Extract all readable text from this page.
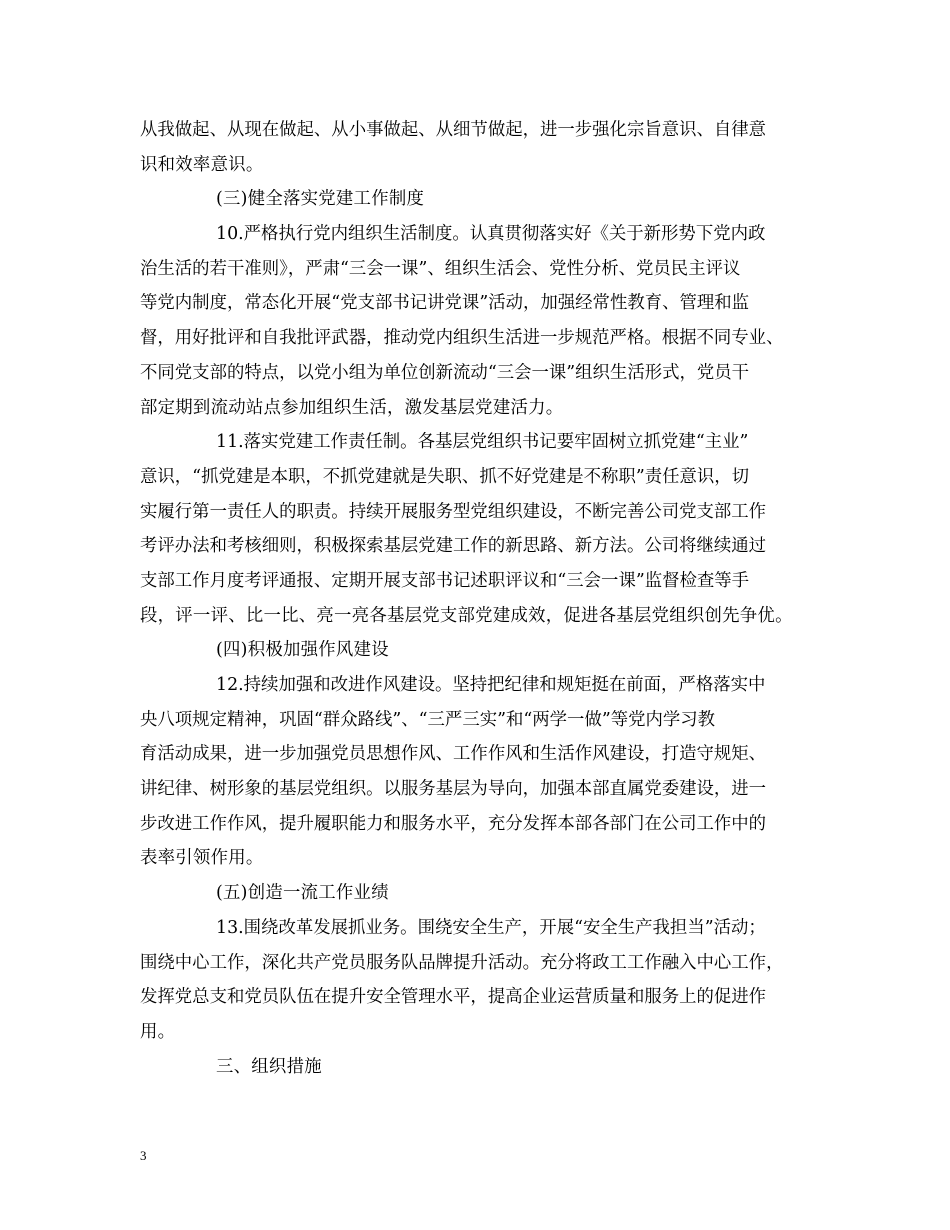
从我做起、从现在做起、从小事做起、从细节做起，进一步强化宗旨意识、自律意
识和效率意识。
(三)健全落实党建工作制度
10.严格执行党内组织生活制度。认真贯彻落实好《关于新形势下党内政
治生活的若干准则》，严肃“三会一课”、组织生活会、党性分析、党员民主评议
等党内制度，常态化开展“党支部书记讲党课”活动，加强经常性教育、管理和监
督，用好批评和自我批评武器，推动党内组织生活进一步规范严格。根据不同专业、
不同党支部的特点，以党小组为单位创新流动“三会一课”组织生活形式，党员干
部定期到流动站点参加组织生活，激发基层党建活力。
11.落实党建工作责任制。各基层党组织书记要牢固树立抓党建“主业”
意识，“抓党建是本职，不抓党建就是失职、抓不好党建是不称职”责任意识，切
实履行第一责任人的职责。持续开展服务型党组织建设，不断完善公司党支部工作
考评办法和考核细则，积极探索基层党建工作的新思路、新方法。公司将继续通过
支部工作月度考评通报、定期开展支部书记述职评议和“三会一课”监督检查等手
段，评一评、比一比、亮一亮各基层党支部党建成效，促进各基层党组织创先争优。
(四)积极加强作风建设
12.持续加强和改进作风建设。坚持把纪律和规矩挺在前面，严格落实中
央八项规定精神，巩固“群众路线”、“三严三实”和“两学一做”等党内学习教
育活动成果，进一步加强党员思想作风、工作作风和生活作风建设，打造守规矩、
讲纪律、树形象的基层党组织。以服务基层为导向，加强本部直属党委建设，进一
步改进工作作风，提升履职能力和服务水平，充分发挥本部各部门在公司工作中的
表率引领作用。
(五)创造一流工作业绩
13.围绕改革发展抓业务。围绕安全生产，开展“安全生产我担当”活动；
围绕中心工作，深化共产党员服务队品牌提升活动。充分将政工工作融入中心工作，
发挥党总支和党员队伍在提升安全管理水平，提高企业运营质量和服务上的促进作
用。
三、组织措施
3
